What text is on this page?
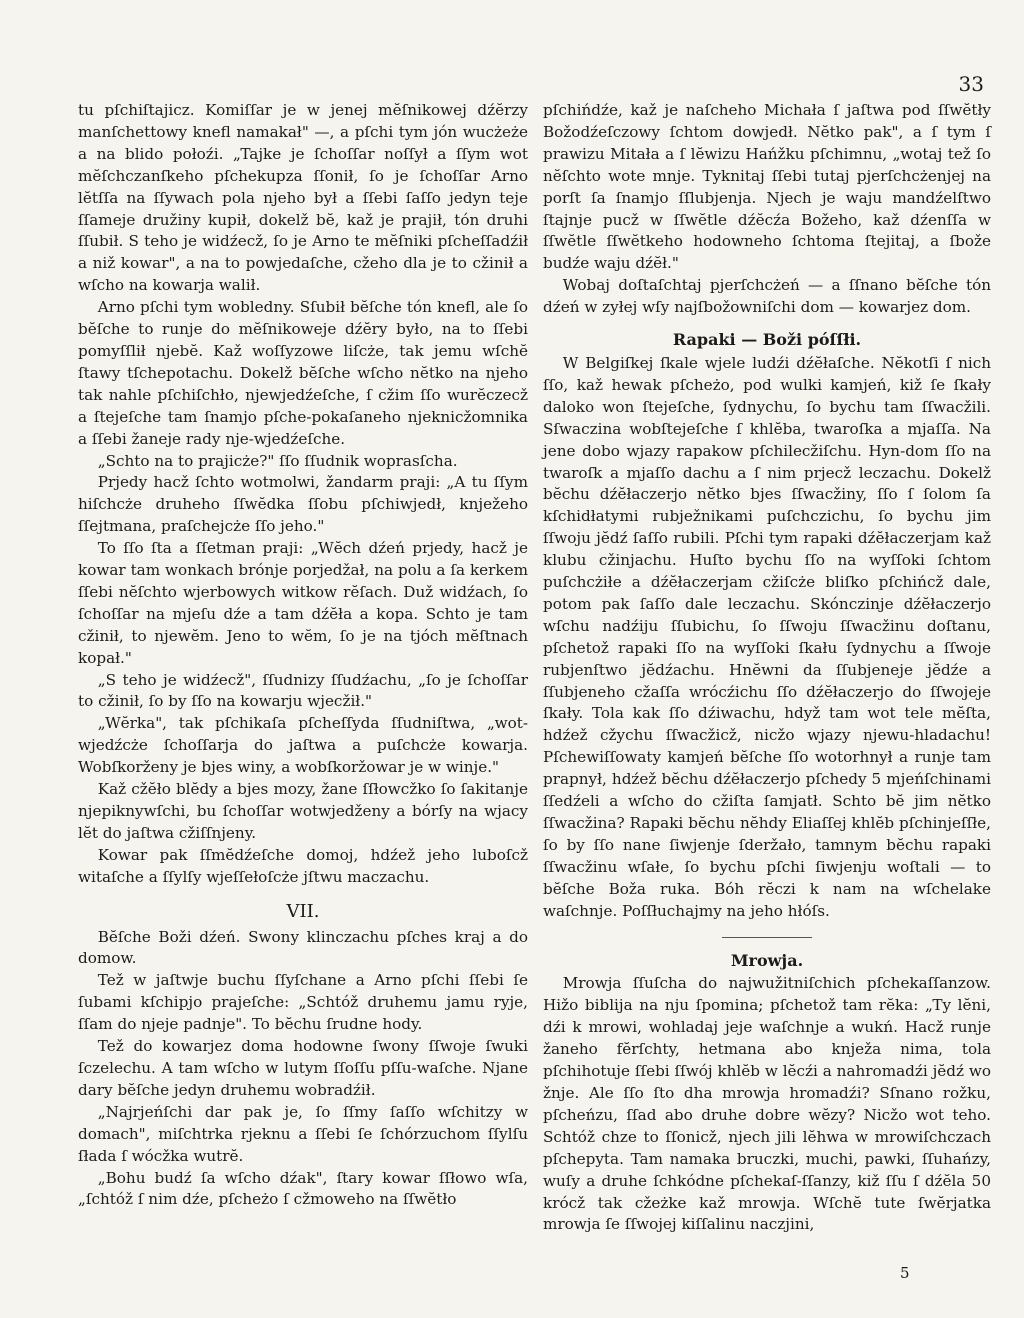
33

tu pſchiſtajicz. Komiſſar je w jenej mĕſnikowej dźĕrzy manſchettowy knefl namakał" —, a pſchi tym jón wucżeże a na blido połoźi. „Tajke je ſchoſſar noſſył a ſſym wot mĕſchczanſkeho pſchekupza ſſonił, ſo je ſchoſſar Arno lĕtſſa na ſſywach pola njeho był a ſſebi ſaſſo jedyn teje ſſameje družiny kupił, dokelž bĕ, kaž je prajił, tón druhi ſſubił. S teho je widźecž, ſo je Arno te mĕſniki pſcheſſadźił a niž kowar", a na to powjedaſche, cžeho dla je to cžinił a wſcho na kowarja walił.

Arno pſchi tym wobledny. Sſubił bĕſche tón knefl, ale ſo bĕſche to runje do mĕſnikoweje dźĕry było, na to ſſebi pomyſſlił njebĕ. Kaž woſſyzowe liſcże, tak jemu wſchĕ ſtawy tſchepotachu. Dokelž bĕſche wſcho nĕtko na njeho tak nahle pſchiſchło, njewjedźeſche, ſ cžim ſſo wurĕczecž a ſtejeſche tam ſnamjo pſche-pokaſaneho njeknicžomnika a ſſebi žaneje rady nje-wjedźeſche.

„Schto na to prajicże?" ſſo ſſudnik woprasſcha.

Prjedy hacž ſchto wotmolwi, žandarm praji: „A tu ſſym hiſchcże druheho ſſwĕdka ſſobu pſchiwjedł, knježeho ſſejtmana, praſchejcże ſſo jeho."

To ſſo ſta a ſſetman praji: „Wĕch dźeń prjedy, hacž je kowar tam wonkach brónje porjedžał, na polu a ſa kerkem ſſebi nĕſchto wjerbowych witkow rĕſach. Duž widźach, ſo ſchoſſar na mjeſu dźe a tam dźĕła a kopa. Schto je tam cžinił, to njewĕm. Jeno to wĕm, ſo je na tjóch mĕſtnach kopał."

„S teho je widźecž", ſſudnizy ſſudźachu, „ſo je ſchoſſar to cžinił, ſo by ſſo na kowarju wjecžił."

„Wĕrka", tak pſchikaſa pſcheſſyda ſſudniſtwa, „wot-wjedźcże ſchoſſarja do jaſtwa a puſchcże kowarja. Wobſkorženy je bjes winy, a wobſkoržowar je w winje."

Kaž cžĕło blĕdy a bjes mozy, žane ſſłowcžko ſo ſakitanje njepiknywſchi, bu ſchoſſar wotwjedženy a bórſy na wjacy lĕt do jaſtwa cžiſſnjeny.

Kowar pak ſſmĕdźeſche domoj, hdźež jeho luboſcž witaſche a ſſylſy wjeſſełoſcże jſtwu maczachu.

VII.

Bĕſche Boži dźeń. Swony klinczachu pſches kraj a do domow.

Tež w jaſtwje buchu ſſyſchane a Arno pſchi ſſebi ſe ſubami kſchipjo prajeſche: „Schtóž druhemu jamu ryje, ſſam do njeje padnje". To bĕchu ſrudne hody.

Tež do kowarjez doma hodowne ſwony ſſwoje ſwuki ſczelechu. A tam wſcho w lutym ſſoſſu pſſu-waſche. Njane dary bĕſche jedyn druhemu wobradźił.

„Najrjeńſchi dar pak je, ſo ſſmy ſaſſo wſchitzy w domach", miſchtrka rjeknu a ſſebi ſe ſchórzuchom ſſylſu ſłada ſ wócžka wutrĕ.

„Bohu budź ſa wſcho dźak", ſtary kowar ſſłowo wſa, „ſchtóž ſ nim dźe, pſcheżo ſ cžmoweho na ſſwĕtło

pſchińdźe, kaž je naſcheho Michała ſ jaſtwa pod ſſwĕtły Božodźeſczowy ſchtom dowjedł. Nĕtko pak", a ſ tym ſ prawizu Mitała a ſ lĕwizu Hańžku pſchimnu, „wotaj tež ſo nĕſchto wote mnje. Tyknitaj ſſebi tutaj pjerſchcżenjej na porſt ſa ſnamjo ſſlubjenja. Njech je waju mandźelſtwo ſtajnje pucž w ſſwĕtle dźĕcźa Božeho, kaž dźenſſa w ſſwĕtle ſſwĕtkeho hodowneho ſchtoma ſtejitaj, a ſbože budźe waju dźĕł."

Wobaj doſtaſchtaj pjerſchcżeń — a ſſnano bĕſche tón dźeń w zyłej wſy najſbožowniſchi dom — kowarjez dom.

Rapaki — Boži póſſłi.

W Belgiſkej ſkale wjele ludźi dźĕłaſche. Nĕkotſi ſ nich ſſo, kaž hewak pſcheżo, pod wulki kamjeń, kiž ſe ſkały daloko won ſtejeſche, ſydnychu, ſo bychu tam ſſwacžili. Sſwaczina wobſtejeſche ſ khlĕba, twaroſka a mjaſſa. Na jene dobo wjazy rapakow pſchilecžiſchu. Hyn-dom ſſo na twaroſk a mjaſſo dachu a ſ nim prjecž leczachu. Dokelž bĕchu dźĕłaczerjo nĕtko bjes ſſwacžiny, ſſo ſ ſolom ſa kſchidłatymi rubježnikami puſchczichu, ſo bychu jim ſſwoju jĕdź ſaſſo rubili. Pſchi tym rapaki dźĕłaczerjam kaž klubu cžinjachu. Huſto bychu ſſo na wyſſoki ſchtom puſchcżiłe a dźĕłaczerjam cžiſcże bliſko pſchińcž dale, potom pak ſaſſo dale leczachu. Skónczinje dźĕłaczerjo wſchu nadźiju ſſubichu, ſo ſſwoju ſſwacžinu doſtanu, pſchetož rapaki ſſo na wyſſoki ſkału ſydnychu a ſſwoje rubjenſtwo jĕdźachu. Hnĕwni da ſſubjeneje jĕdźe a ſſubjeneho cžaſſa wrócźichu ſſo dźĕłaczerjo do ſſwojeje ſkały. Tola kak ſſo dźiwachu, hdyž tam wot tele mĕſta, hdźež cžychu ſſwacžicž, nicžo wjazy njewu-hladachu! Pſchewiſſowaty kamjeń bĕſche ſſo wotorhnył a runje tam prapnył, hdźež bĕchu dźĕłaczerjo pſchedy 5 mjeńſchinami ſſedźeli a wſcho do cžiſta ſamjatł. Schto bĕ jim nĕtko ſſwacžina? Rapaki bĕchu nĕhdy Eliaſſej khlĕb pſchinjeſſłe, ſo by ſſo nane ſiwjenje ſderžało, tamnym bĕchu rapaki ſſwacžinu wſałe, ſo bychu pſchi ſiwjenju woſtali — to bĕſche Boža ruka. Bóh rĕczi k nam na wſchelake waſchnje. Poſſłuchajmy na jeho hłóſs.

Mrowja.

Mrowja ſſuſcha do najwužitniſchich pſchekaſſanzow. Hižo biblija na nju ſpomina; pſchetož tam rĕka: „Ty lĕni, dźi k mrowi, wohladaj jeje waſchnje a wukń. Hacž runje žaneho fĕrſchty, hetmana abo knježa nima, tola pſchihotuje ſſebi ſſwój khlĕb w lĕcźi a nahromadźi jĕdź wo žnje. Ale ſſo ſto dha mrowja hromadźi? Sſnano rožku, pſcheńzu, ſſad abo druhe dobre wĕzy? Nicžo wot teho. Schtóž chze to ſſonicž, njech jili lĕhwa w mrowiſchczach pſchepyta. Tam namaka bruczki, muchi, pawki, ſſuhańzy, wuſy a druhe ſchkódne pſchekaſ-ſſanzy, kiž ſſu ſ dźĕla 50 krócž tak cžeżke kaž mrowja. Wſchĕ tute ſwĕrjatka mrowja ſe ſſwojej kiſſalinu naczjini,

5
